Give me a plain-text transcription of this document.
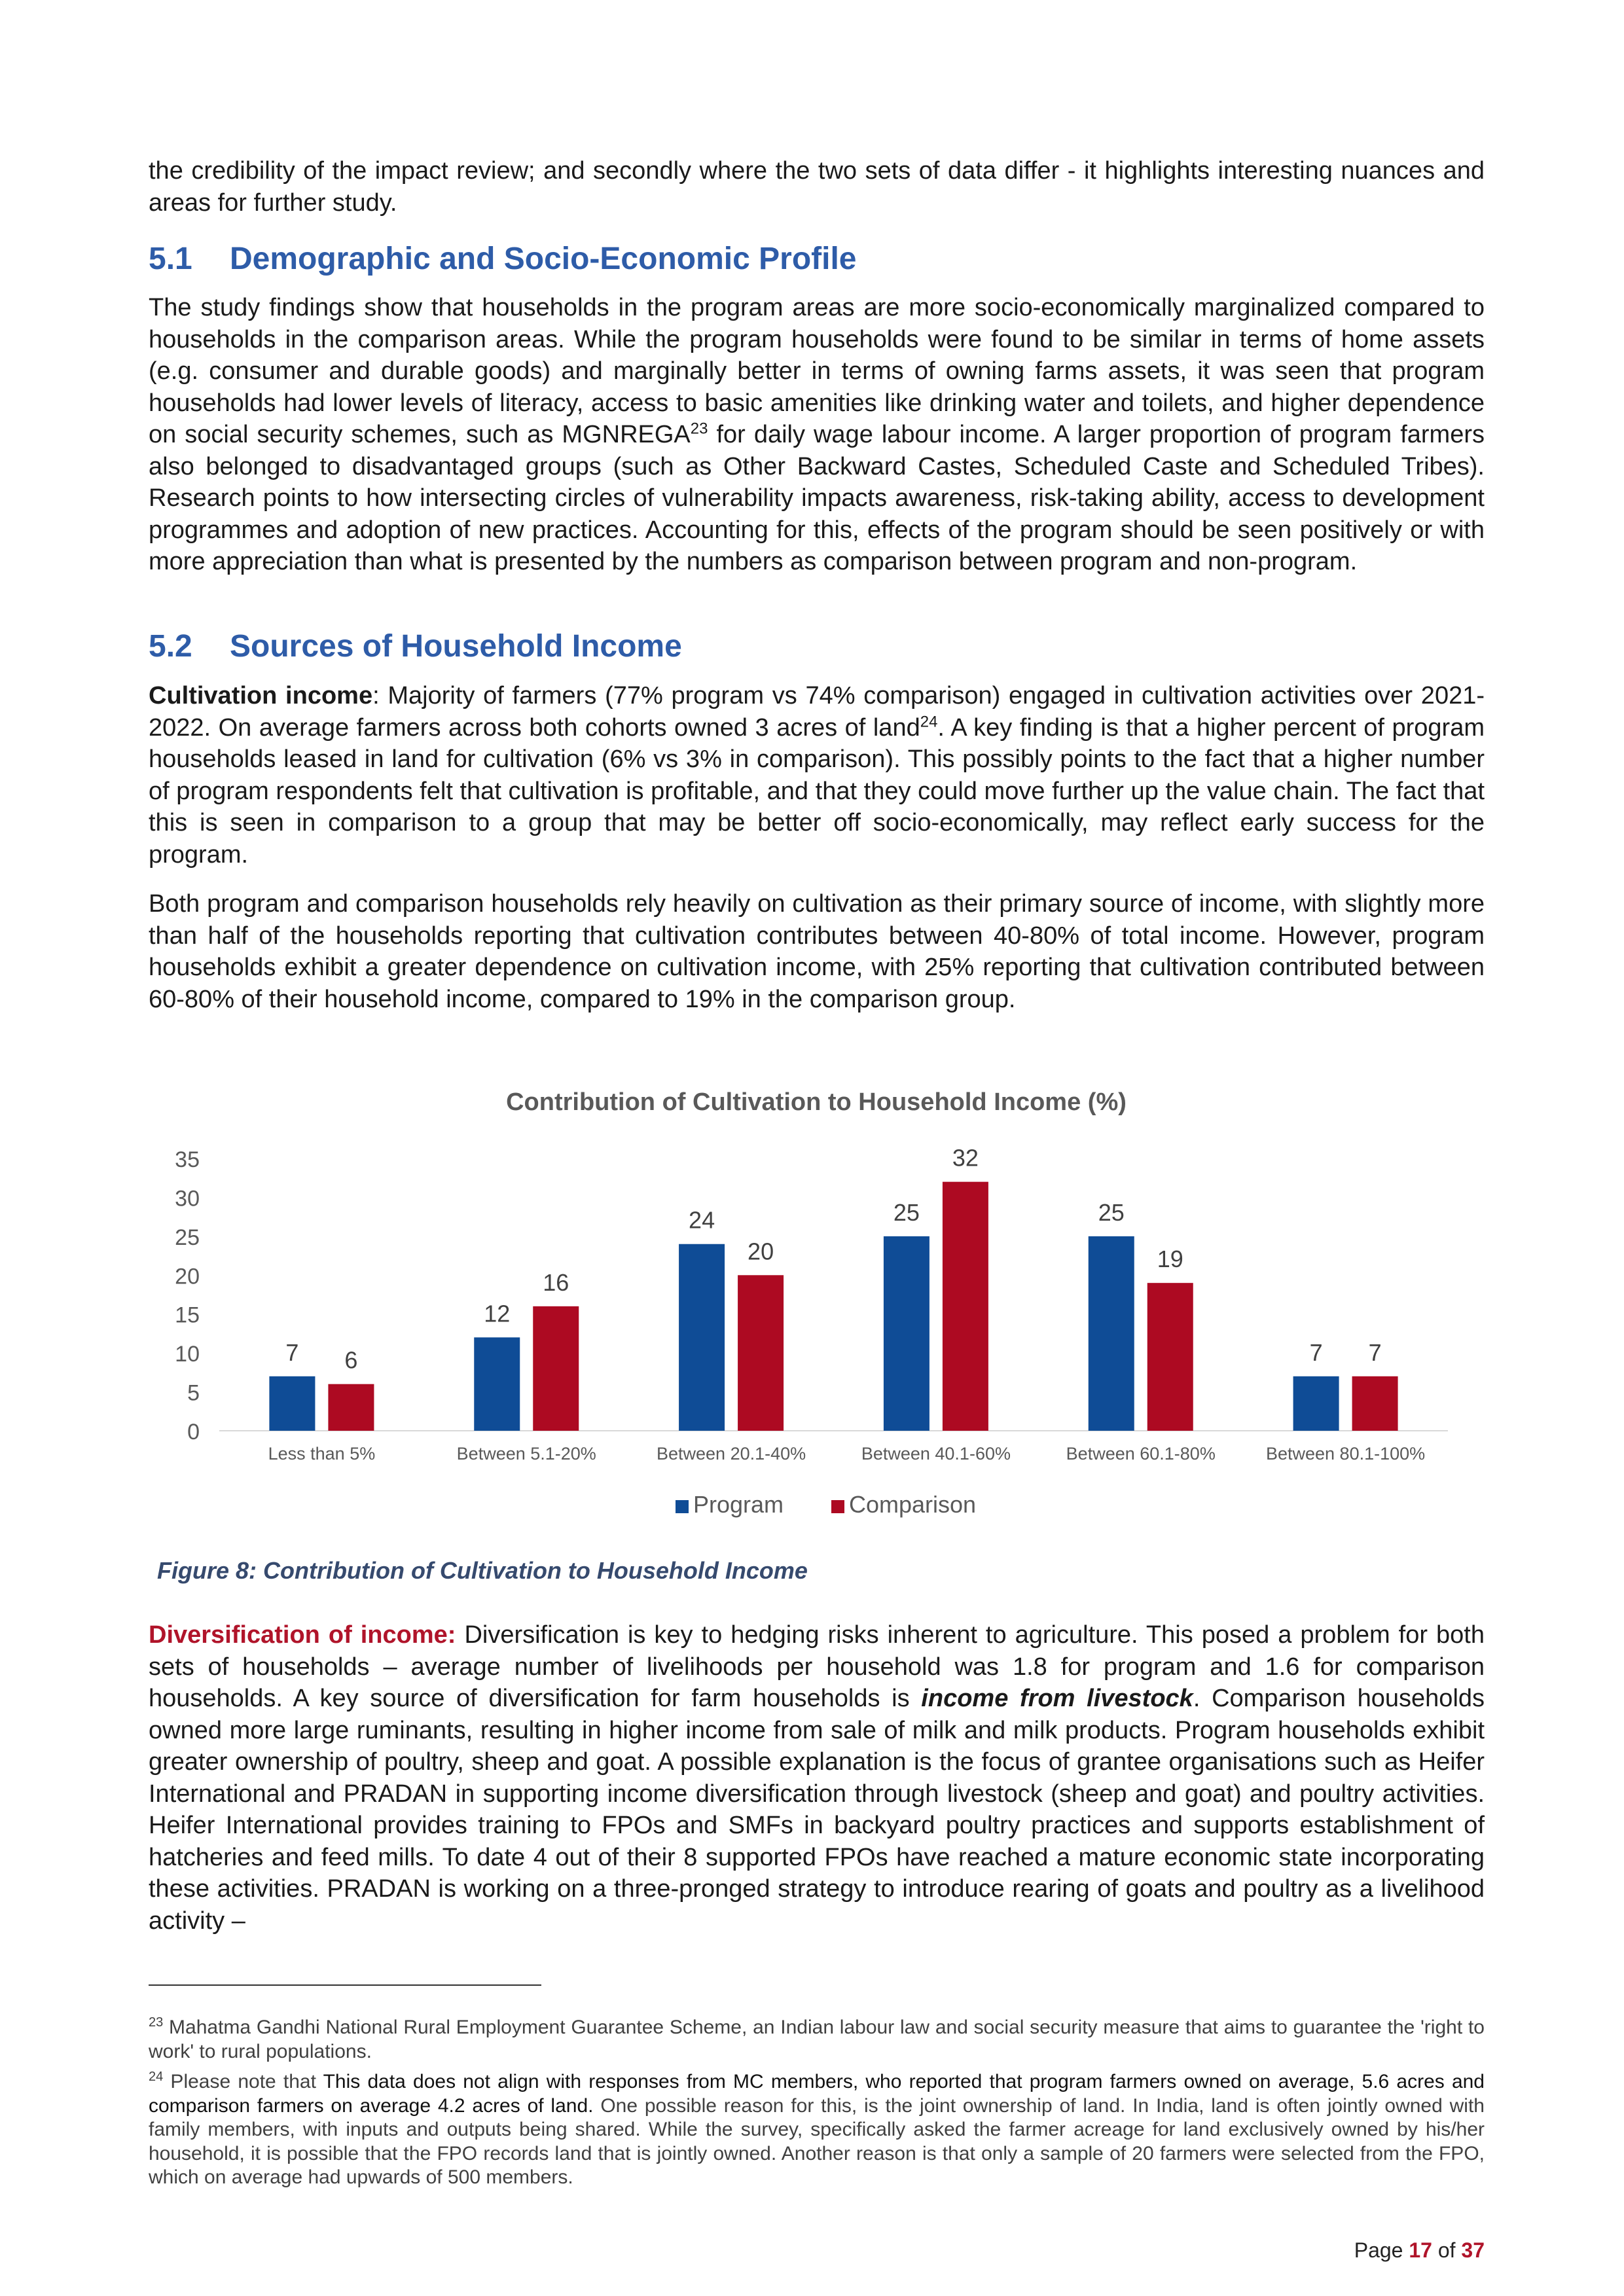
the credibility of the impact review; and secondly where the two sets of data differ - it highlights interesting nuances and areas for further study.

5.1 Demographic and Socio-Economic Profile

The study findings show that households in the program areas are more socio-economically marginalized compared to households in the comparison areas. While the program households were found to be similar in terms of home assets (e.g. consumer and durable goods) and marginally better in terms of owning farms assets, it was seen that program households had lower levels of literacy, access to basic amenities like drinking water and toilets, and higher dependence on social security schemes, such as MGNREGA$^{23}$ for daily wage labour income. A larger proportion of program farmers also belonged to disadvantaged groups (such as Other Backward Castes, Scheduled Caste and Scheduled Tribes). Research points to how intersecting circles of vulnerability impacts awareness, risk-taking ability, access to development programmes and adoption of new practices. Accounting for this, effects of the program should be seen positively or with more appreciation than what is presented by the numbers as comparison between program and non-program.

5.2 Sources of Household Income

Cultivation income: Majority of farmers (77% program vs 74% comparison) engaged in cultivation activities over 2021-2022. On average farmers across both cohorts owned 3 acres of land$^{24}$. A key finding is that a higher percent of program households leased in land for cultivation (6% vs 3% in comparison). This possibly points to the fact that a higher number of program respondents felt that cultivation is profitable, and that they could move further up the value chain. The fact that this is seen in comparison to a group that may be better off socio-economically, may reflect early success for the program.

Both program and comparison households rely heavily on cultivation as their primary source of income, with slightly more than half of the households reporting that cultivation contributes between 40-80% of total income. However, program households exhibit a greater dependence on cultivation income, with 25% reporting that cultivation contributed between 60-80% of their household income, compared to 19% in the comparison group.

Contribution of Cultivation to Household Income (%)
0
5
10
15
20
25
30
35
7 6
12
16
24
20
25
32
25
19
7 7
Less than 5%	Between 5.1-20%	Between 20.1-40%	Between 40.1-60%	Between 60.1-80%	Between 80.1-100%
Program	Comparison
Figure 8: Contribution of Cultivation to Household Income

Diversification of income: Diversification is key to hedging risks inherent to agriculture. This posed a problem for both sets of households – average number of livelihoods per household was 1.8 for program and 1.6 for comparison households. A key source of diversification for farm households is income from livestock. Comparison households owned more large ruminants, resulting in higher income from sale of milk and milk products. Program households exhibit greater ownership of poultry, sheep and goat. A possible explanation is the focus of grantee organisations such as Heifer International and PRADAN in supporting income diversification through livestock (sheep and goat) and poultry activities. Heifer International provides training to FPOs and SMFs in backyard poultry practices and supports establishment of hatcheries and feed mills. To date 4 out of their 8 supported FPOs have reached a mature economic state incorporating these activities. PRADAN is working on a three-pronged strategy to introduce rearing of goats and poultry as a livelihood activity –

$^{23}$ Mahatma Gandhi National Rural Employment Guarantee Scheme, an Indian labour law and social security measure that aims to guarantee the 'right to work' to rural populations.
$^{24}$ Please note that This data does not align with responses from MC members, who reported that program farmers owned on average, 5.6 acres and comparison farmers on average 4.2 acres of land. One possible reason for this, is the joint ownership of land. In India, land is often jointly owned with family members, with inputs and outputs being shared. While the survey, specifically asked the farmer acreage for land exclusively owned by his/her household, it is possible that the FPO records land that is jointly owned. Another reason is that only a sample of 20 farmers were selected from the FPO, which on average had upwards of 500 members.
Page 17 of 37
